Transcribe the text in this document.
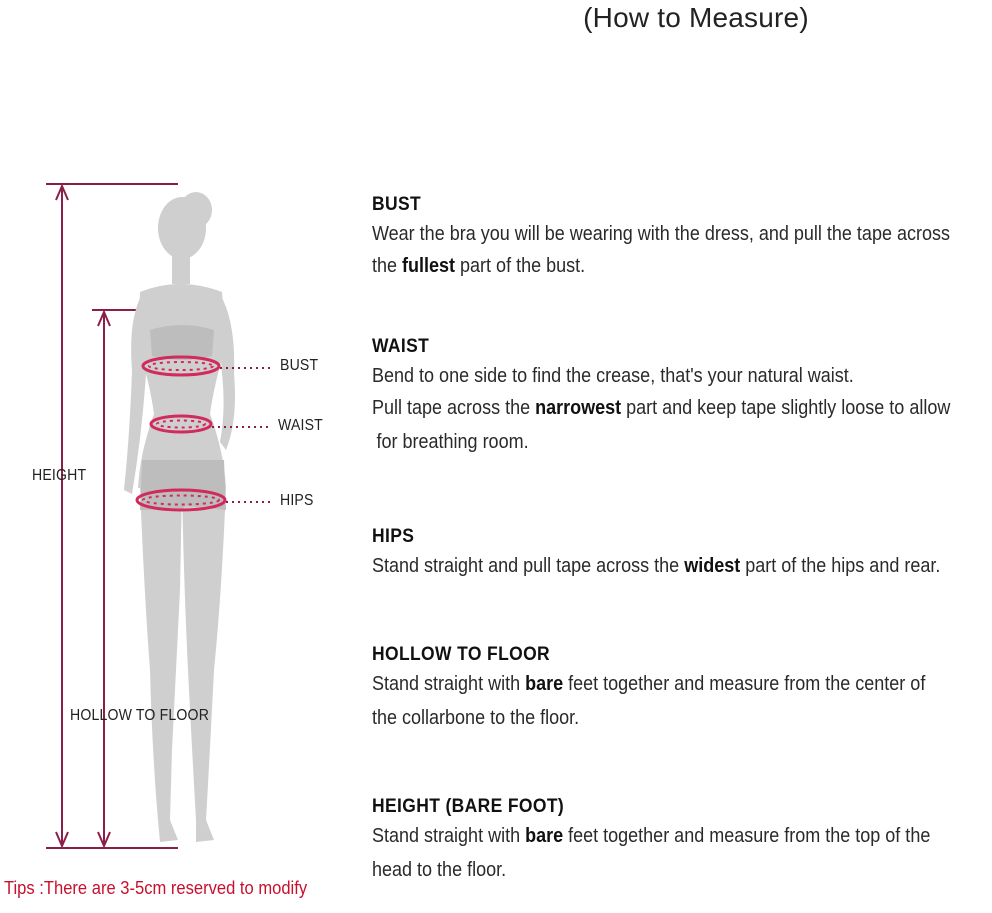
(How to Measure)
BUST
WAIST
HIPS
HEIGHT
HOLLOW TO FLOOR
Tips :There are 3-5cm reserved to modify
BUST
Wear the bra you will be wearing with the dress, and pull the tape across
the fullest part of the bust.
WAIST
Bend to one side to find the crease, that's your natural waist.
Pull tape across the narrowest part and keep tape slightly loose to allow
for breathing room.
HIPS
Stand straight and pull tape across the widest part of the hips and rear.
HOLLOW TO FLOOR
Stand straight with bare feet together and measure from the center of
the collarbone to the floor.
HEIGHT (BARE FOOT)
Stand straight with bare feet together and measure from the top of the
head to the floor.
